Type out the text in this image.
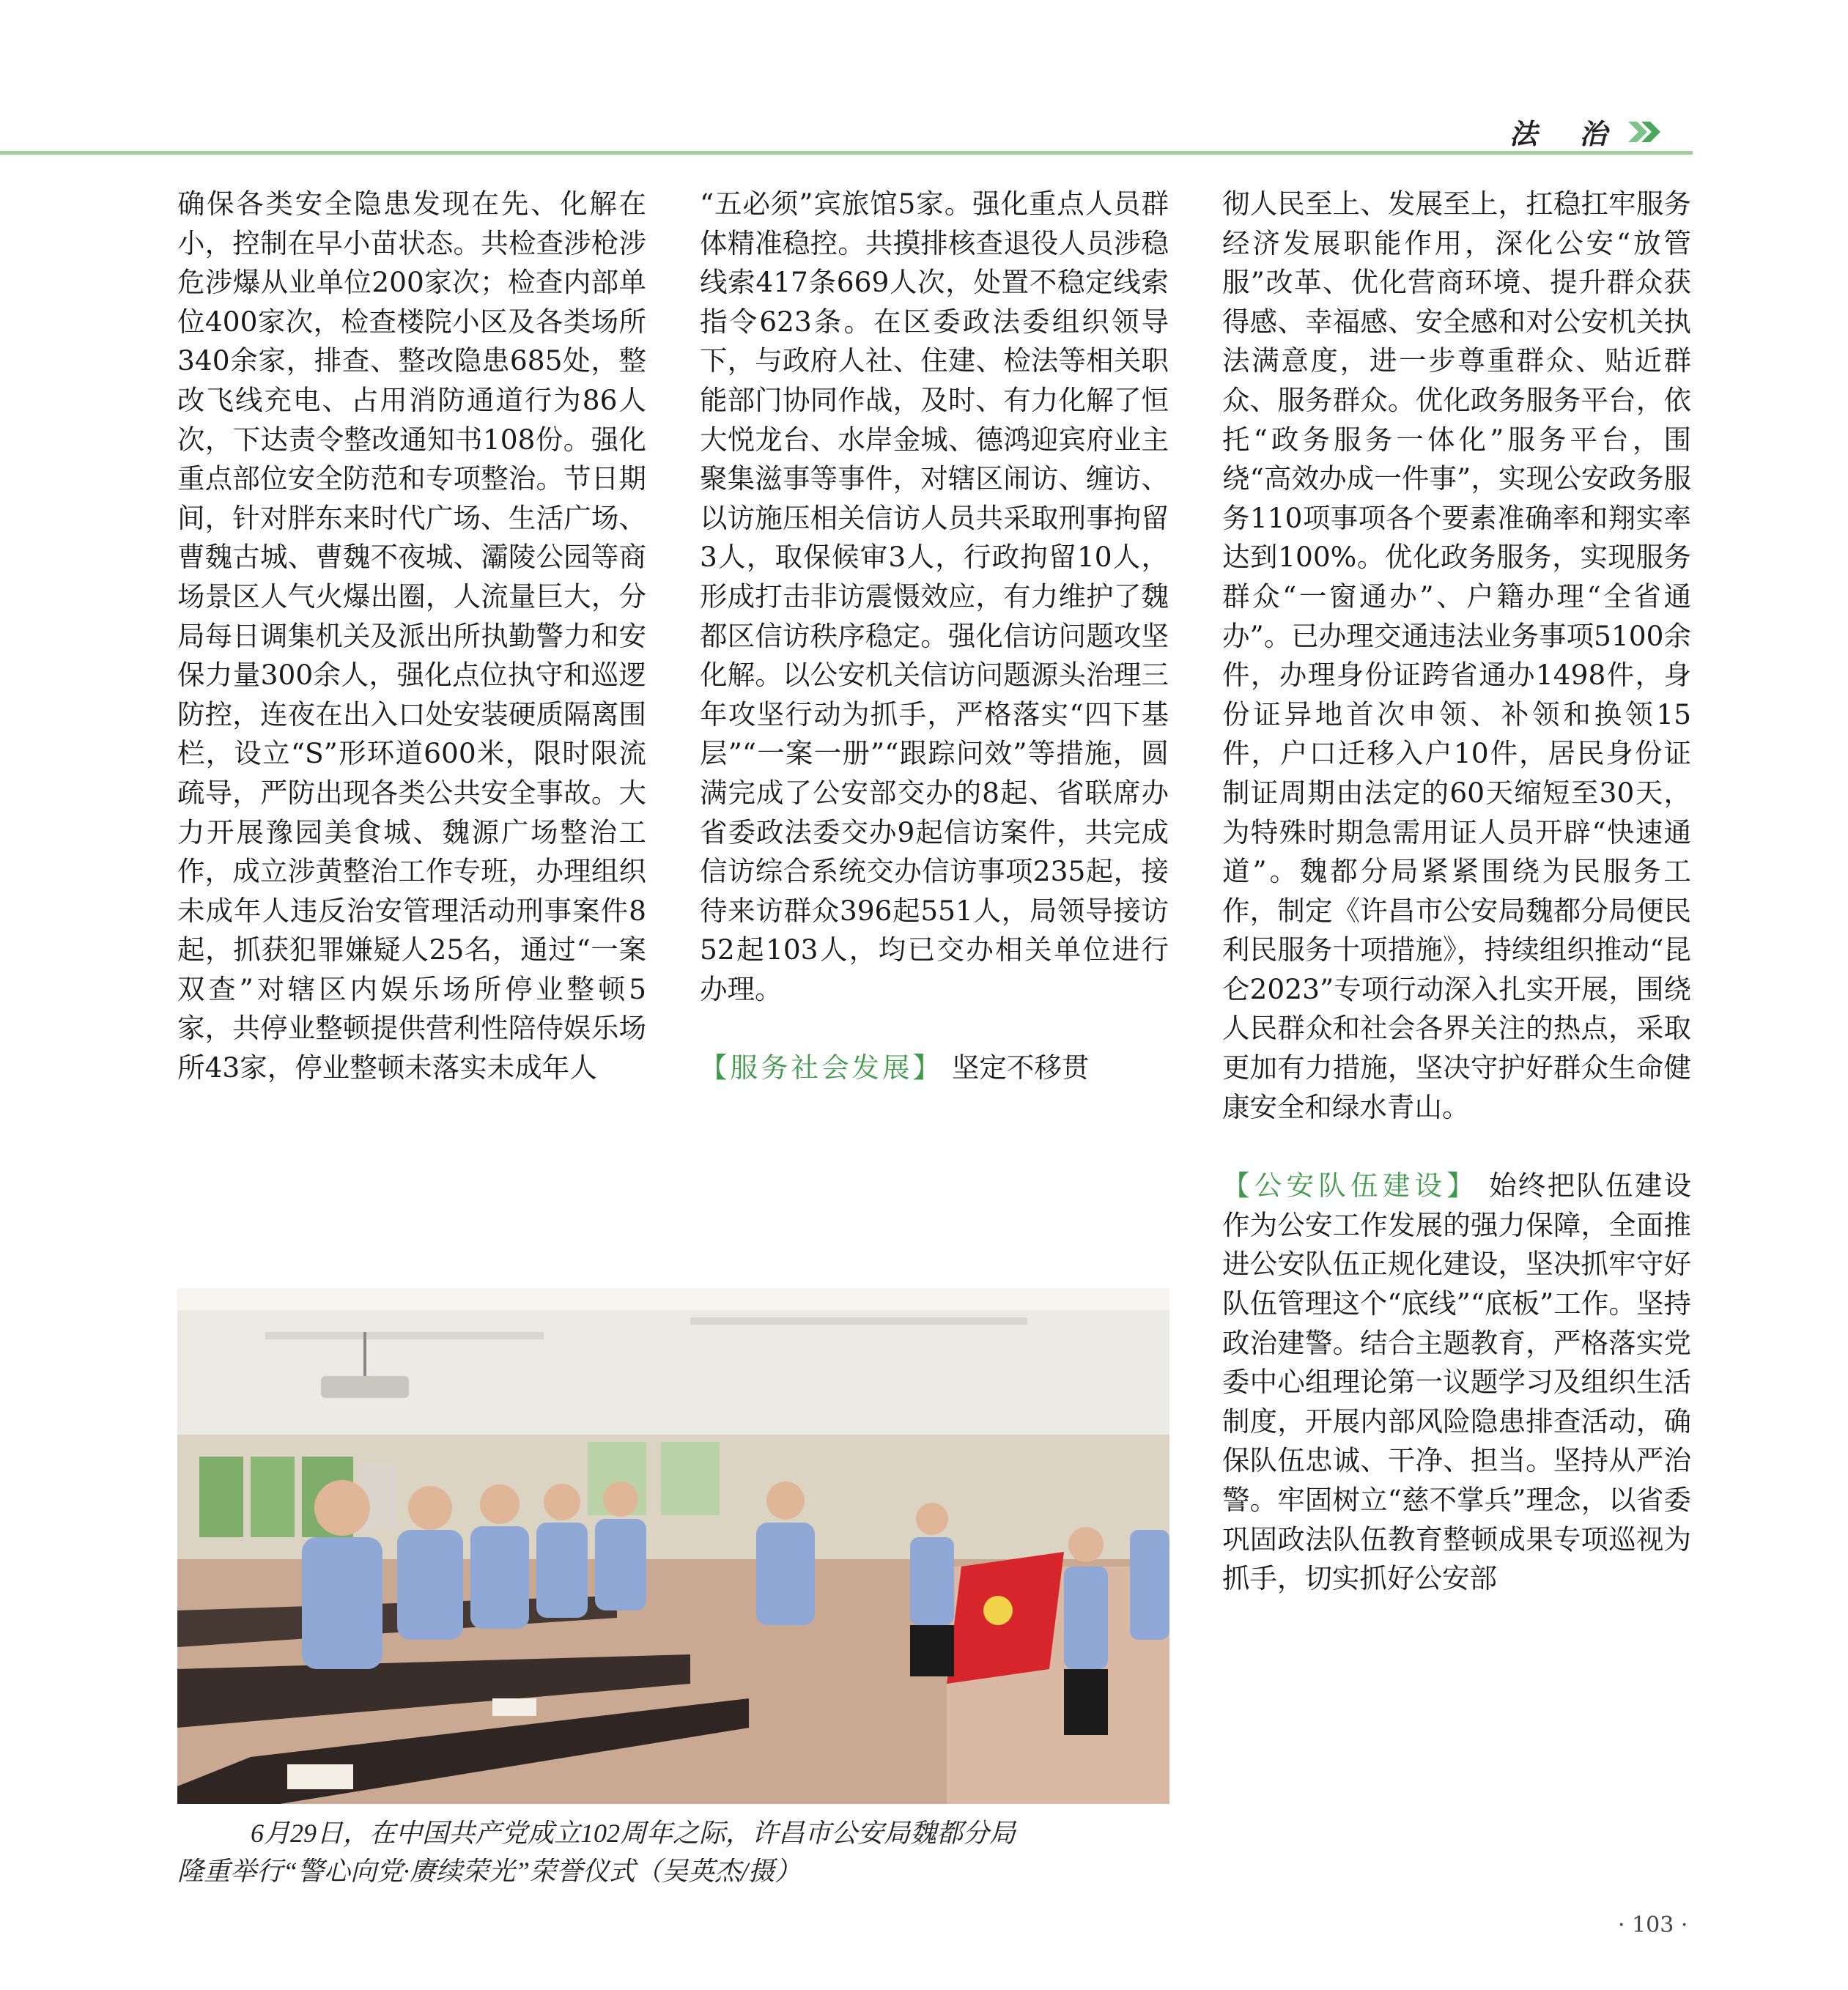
法 治

确保各类安全隐患发现在先、化解在小，控制在早小苗状态。共检查涉枪涉危涉爆从业单位200家次；检查内部单位400家次，检查楼院小区及各类场所340余家，排查、整改隐患685处，整改飞线充电、占用消防通道行为86人次，下达责令整改通知书108份。强化重点部位安全防范和专项整治。节日期间，针对胖东来时代广场、生活广场、曹魏古城、曹魏不夜城、灞陵公园等商场景区人气火爆出圈，人流量巨大，分局每日调集机关及派出所执勤警力和安保力量300余人，强化点位执守和巡逻防控，连夜在出入口处安装硬质隔离围栏，设立“S”形环道600米，限时限流疏导，严防出现各类公共安全事故。大力开展豫园美食城、魏源广场整治工作，成立涉黄整治工作专班，办理组织未成年人违反治安管理活动刑事案件8起，抓获犯罪嫌疑人25名，通过“一案双查”对辖区内娱乐场所停业整顿5家，共停业整顿提供营利性陪侍娱乐场所43家，停业整顿未落实未成年人

“五必须”宾旅馆5家。强化重点人员群体精准稳控。共摸排核查退役人员涉稳线索417条669人次，处置不稳定线索指令623条。在区委政法委组织领导下，与政府人社、住建、检法等相关职能部门协同作战，及时、有力化解了恒大悦龙台、水岸金城、德鸿迎宾府业主聚集滋事等事件，对辖区闹访、缠访、以访施压相关信访人员共采取刑事拘留3人，取保候审3人，行政拘留10人，形成打击非访震慑效应，有力维护了魏都区信访秩序稳定。强化信访问题攻坚化解。以公安机关信访问题源头治理三年攻坚行动为抓手，严格落实“四下基层”“一案一册”“跟踪问效”等措施，圆满完成了公安部交办的8起、省联席办省委政法委交办9起信访案件，共完成信访综合系统交办信访事项235起，接待来访群众396起551人，局领导接访52起103人，均已交办相关单位进行办理。

【服务社会发展】 坚定不移贯

彻人民至上、发展至上，扛稳扛牢服务经济发展职能作用，深化公安“放管服”改革、优化营商环境、提升群众获得感、幸福感、安全感和对公安机关执法满意度，进一步尊重群众、贴近群众、服务群众。优化政务服务平台，依托“政务服务一体化”服务平台，围绕“高效办成一件事”，实现公安政务服务110项事项各个要素准确率和翔实率达到100%。优化政务服务，实现服务群众“一窗通办”、户籍办理“全省通办”。已办理交通违法业务事项5100余件，办理身份证跨省通办1498件，身份证异地首次申领、补领和换领15件，户口迁移入户10件，居民身份证制证周期由法定的60天缩短至30天，为特殊时期急需用证人员开辟“快速通道”。魏都分局紧紧围绕为民服务工作，制定《许昌市公安局魏都分局便民利民服务十项措施》，持续组织推动“昆仑2023”专项行动深入扎实开展，围绕人民群众和社会各界关注的热点，采取更加有力措施，坚决守护好群众生命健康安全和绿水青山。

【公安队伍建设】 始终把队伍建设作为公安工作发展的强力保障，全面推进公安队伍正规化建设，坚决抓牢守好队伍管理这个“底线”“底板”工作。坚持政治建警。结合主题教育，严格落实党委中心组理论第一议题学习及组织生活制度，开展内部风险隐患排查活动，确保队伍忠诚、干净、担当。坚持从严治警。牢固树立“慈不掌兵”理念，以省委巩固政法队伍教育整顿成果专项巡视为抓手，切实抓好公安部

6月29日，在中国共产党成立102周年之际，许昌市公安局魏都分局
隆重举行“警心向党·赓续荣光”荣誉仪式（吴英杰/摄）
· 103 ·
